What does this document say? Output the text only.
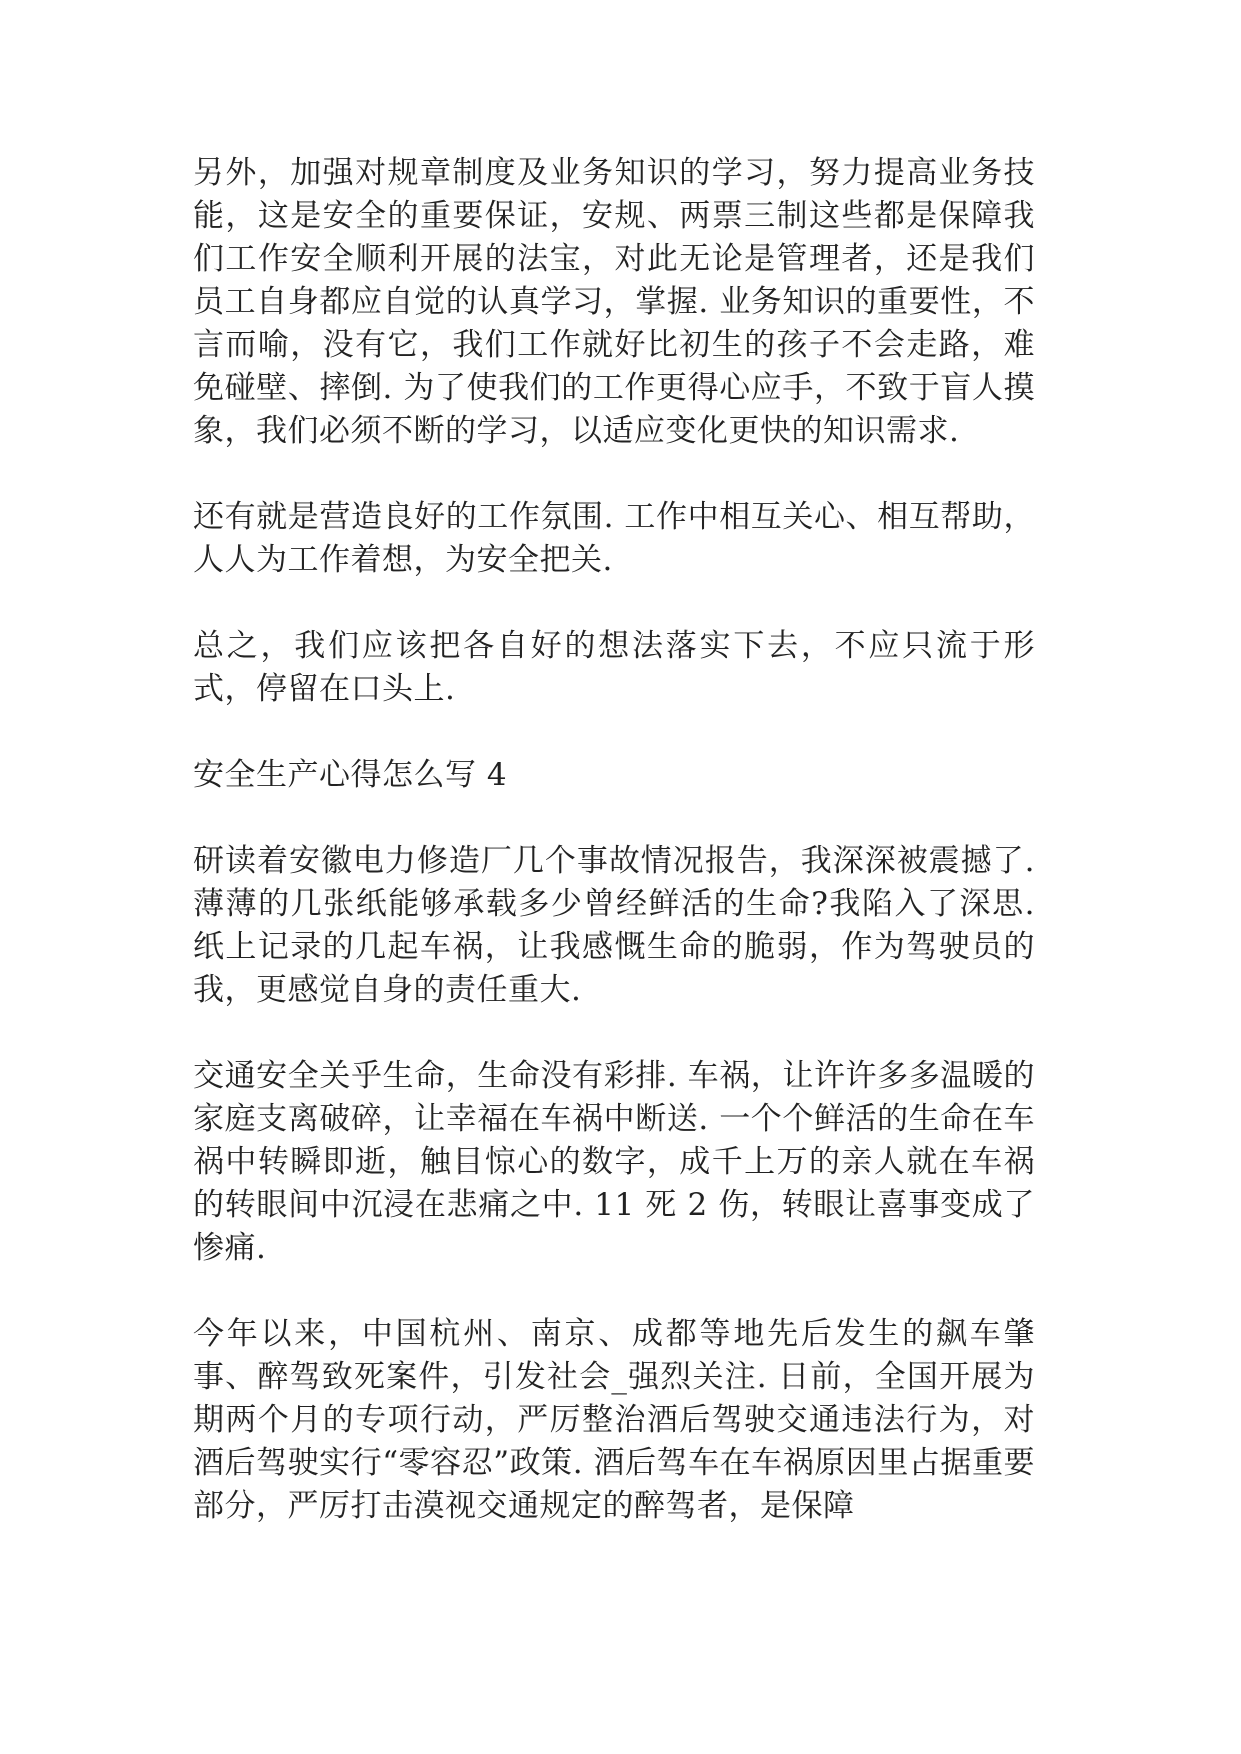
另外，加强对规章制度及业务知识的学习，努力提高业务技能，这是安全的重要保证，安规、两票三制这些都是保障我们工作安全顺利开展的法宝，对此无论是管理者，还是我们员工自身都应自觉的认真学习，掌握. 业务知识的重要性，不言而喻，没有它，我们工作就好比初生的孩子不会走路，难免碰壁、摔倒. 为了使我们的工作更得心应手，不致于盲人摸象，我们必须不断的学习，以适应变化更快的知识需求.

还有就是营造良好的工作氛围. 工作中相互关心、相互帮助，人人为工作着想，为安全把关.

总之，我们应该把各自好的想法落实下去，不应只流于形式，停留在口头上.

安全生产心得怎么写 4

研读着安徽电力修造厂几个事故情况报告，我深深被震撼了. 薄薄的几张纸能够承载多少曾经鲜活的生命?我陷入了深思. 纸上记录的几起车祸，让我感慨生命的脆弱，作为驾驶员的我，更感觉自身的责任重大.

交通安全关乎生命，生命没有彩排. 车祸，让许许多多温暖的家庭支离破碎，让幸福在车祸中断送. 一个个鲜活的生命在车祸中转瞬即逝，触目惊心的数字，成千上万的亲人就在车祸的转眼间中沉浸在悲痛之中. 11 死 2 伤，转眼让喜事变成了惨痛.

今年以来，中国杭州、南京、成都等地先后发生的飙车肇事、醉驾致死案件，引发社会_强烈关注. 日前，全国开展为期两个月的专项行动，严厉整治酒后驾驶交通违法行为，对酒后驾驶实行“零容忍”政策. 酒后驾车在车祸原因里占据重要部分，严厉打击漠视交通规定的醉驾者，是保障
